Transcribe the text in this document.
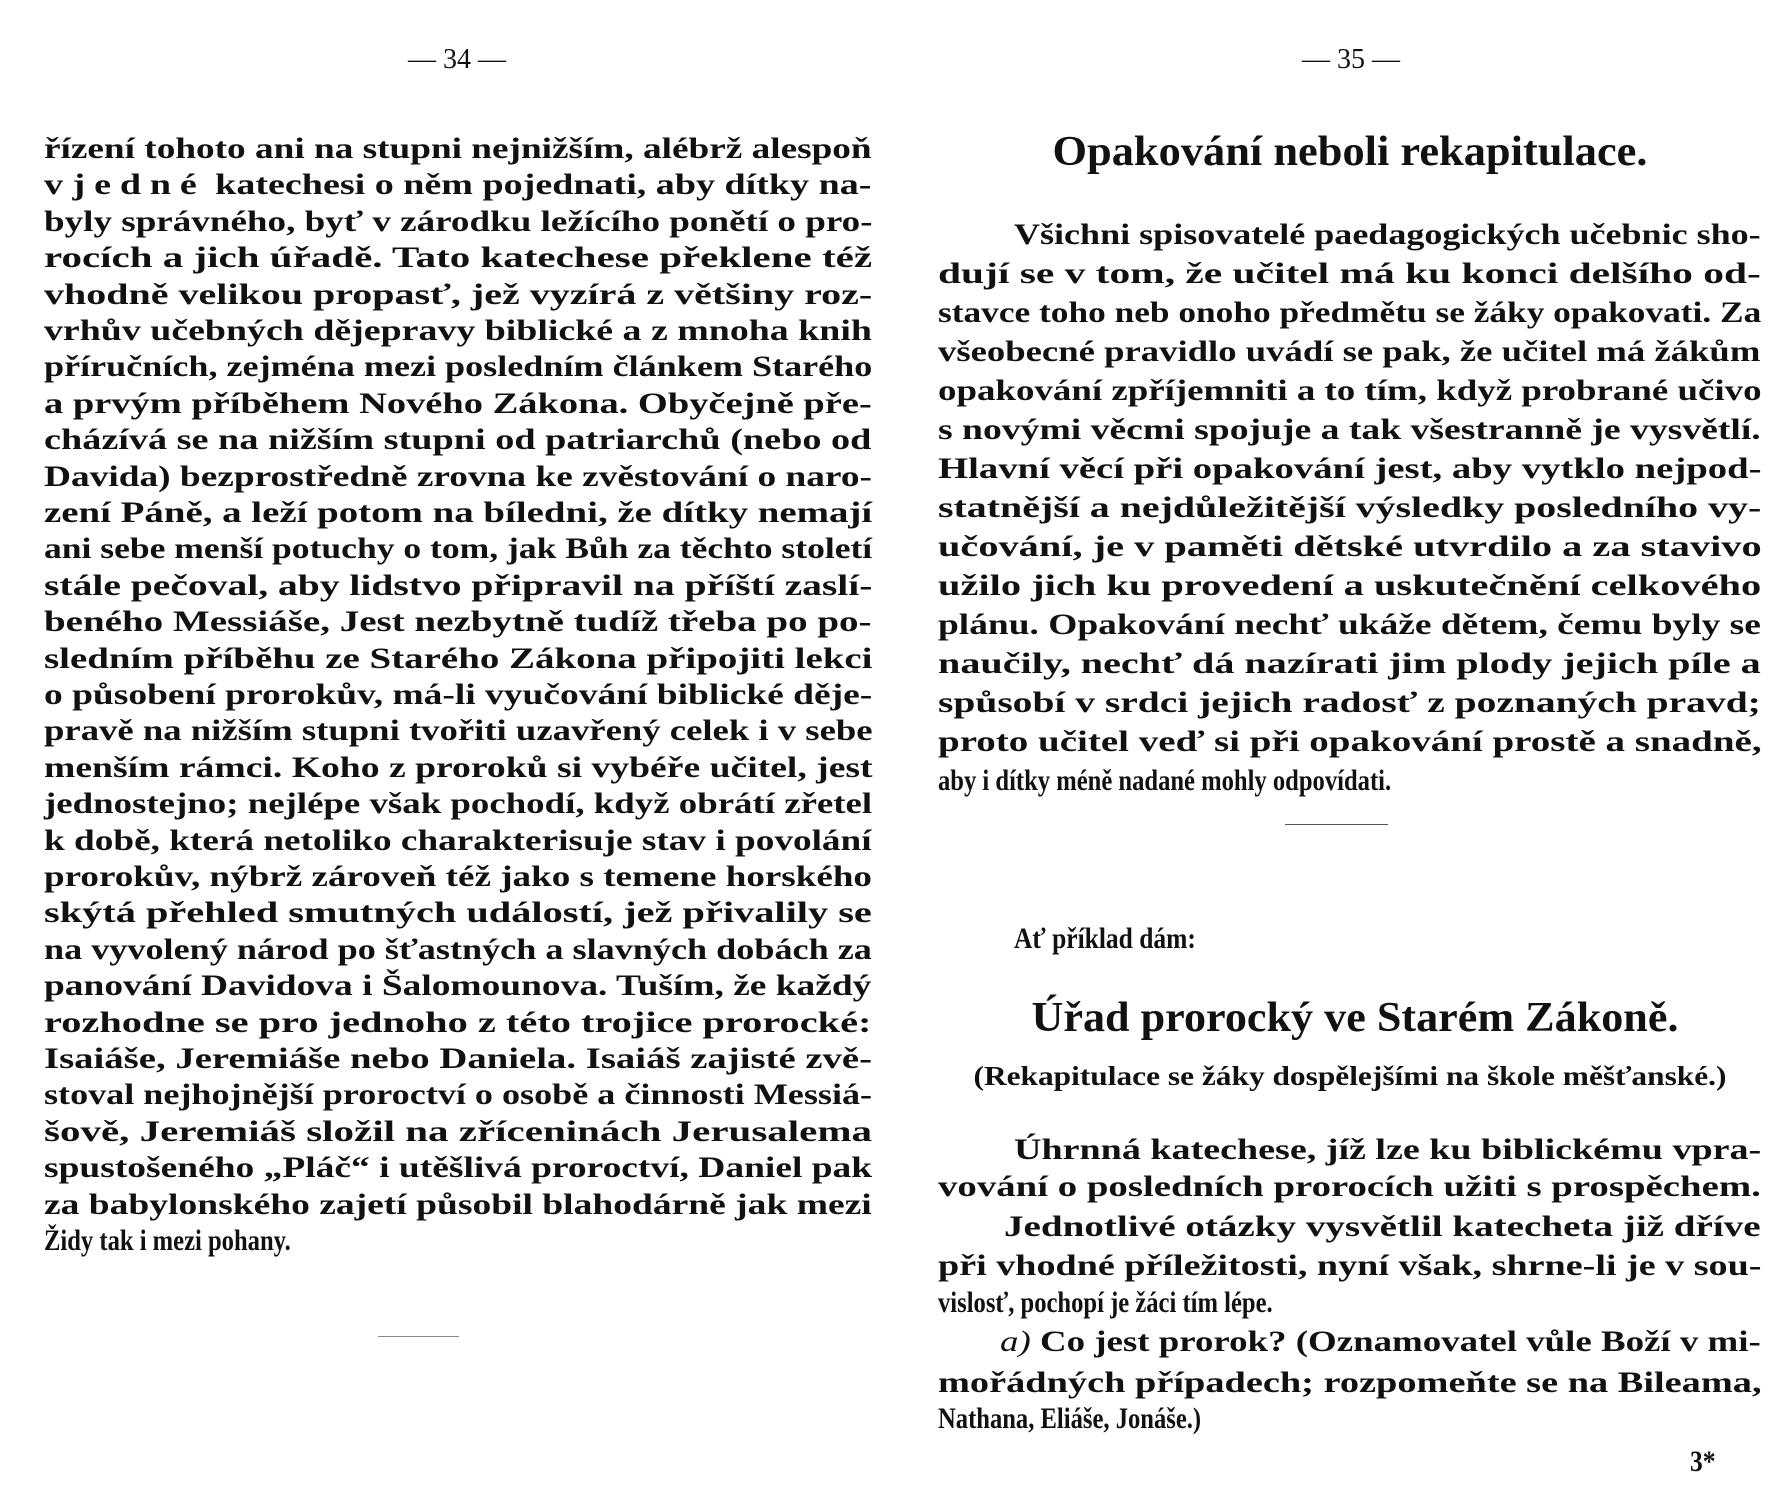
— 34 —	— 35 —
Opakování neboli rekapitulace.
Ať příklad dám:
Úřad prorocký ve Starém Zákoně.
(Rekapitulace se žáky dospělejšími na škole měšťanské.)
3*
řízení tohoto ani na stupni nejnižším, alébrž alespoň
v jedné katechesi o něm pojednati, aby dítky na-
byly správného, byť v zárodku ležícího ponětí o pro-
rocích a jich úřadě. Tato katechese překlene též
vhodně velikou propasť, jež vyzírá z většiny roz-
vrhův učebných dějepravy biblické a z mnoha knih
příručních, zejména mezi posledním článkem Starého
a prvým příběhem Nového Zákona. Obyčejně pře-
cházívá se na nižším stupni od patriarchů (nebo od
Davida) bezprostředně zrovna ke zvěstování o naro-
zení Páně, a leží potom na bíledni, že dítky nemají
ani sebe menší potuchy o tom, jak Bůh za těchto století
stále pečoval, aby lidstvo připravil na příští zaslí-
beného Messiáše, Jest nezbytně tudíž třeba po po-
sledním příběhu ze Starého Zákona připojiti lekci
o působení prorokův, má-li vyučování biblické děje-
pravě na nižším stupni tvořiti uzavřený celek i v sebe
menším rámci. Koho z proroků si vybéře učitel, jest
jednostejno; nejlépe však pochodí, když obrátí zřetel
k době, která netoliko charakterisuje stav i povolání
prorokův, nýbrž zároveň též jako s temene horského
skýtá přehled smutných událostí, jež přivalily se
na vyvolený národ po šťastných a slavných dobách za
panování Davidova i Šalomounova. Tuším, že každý
rozhodne se pro jednoho z této trojice prorocké:
Isaiáše, Jeremiáše nebo Daniela. Isaiáš zajisté zvě-
stoval nejhojnější proroctví o osobě a činnosti Messiá-
šově, Jeremiáš složil na zříceninách Jerusalema
spustošeného „Pláč“ i utěšlivá proroctví, Daniel pak
za babylonského zajetí působil blahodárně jak mezi
Židy tak i mezi pohany.
Všichni spisovatelé paedagogických učebnic sho-
dují se v tom, že učitel má ku konci delšího od-
stavce toho neb onoho předmětu se žáky opakovati. Za
všeobecné pravidlo uvádí se pak, že učitel má žákům
opakování zpříjemniti a to tím, když probrané učivo
s novými věcmi spojuje a tak všestranně je vysvětlí.
Hlavní věcí při opakování jest, aby vytklo nejpod-
statnější a nejdůležitější výsledky posledního vy-
učování, je v paměti dětské utvrdilo a za stavivo
užilo jich ku provedení a uskutečnění celkového
plánu. Opakování nechť ukáže dětem, čemu byly se
naučily, nechť dá nazírati jim plody jejich píle a
spůsobí v srdci jejich radosť z poznaných pravd;
proto učitel veď si při opakování prostě a snadně,
aby i dítky méně nadané mohly odpovídati.
Úhrnná katechese, jíž lze ku biblickému vpra-
vování o posledních prorocích užiti s prospěchem.
Jednotlivé otázky vysvětlil katecheta již dříve
při vhodné příležitosti, nyní však, shrne-li je v sou-
vislosť, pochopí je žáci tím lépe.
a) Co jest prorok? (Oznamovatel vůle Boží v mi-
mořádných případech; rozpomeňte se na Bileama,
Nathana, Eliáše, Jonáše.)
